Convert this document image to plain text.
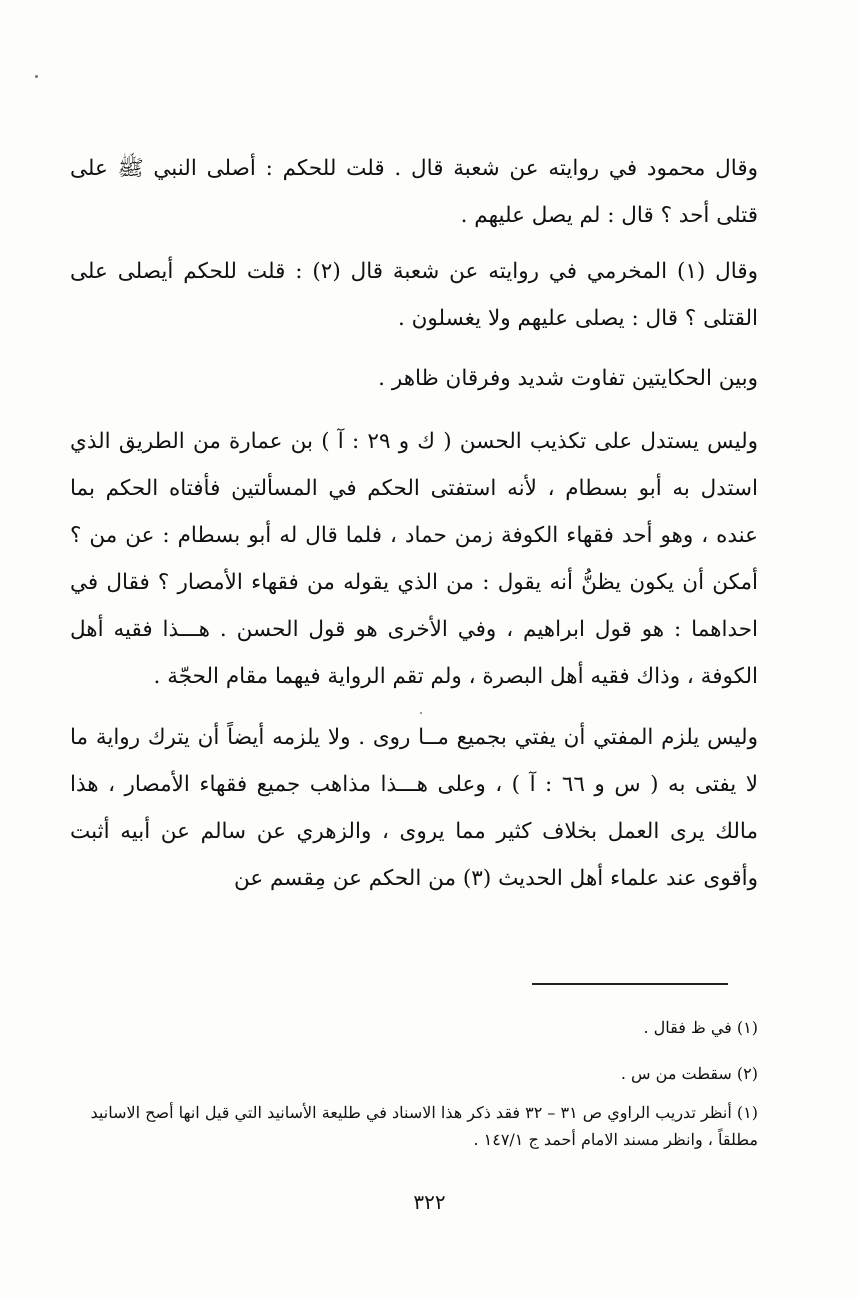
وقال محمود في روايته عن شعبة قال . قلت للحكم : أصلى النبي ﷺ على قتلى أحد ؟ قال : لم يصل عليهم .

وقال (١) المخرمي في روايته عن شعبة قال (٢) : قلت للحكم أيصلى على القتلى ؟ قال : يصلى عليهم ولا يغسلون .

وبين الحكايتين تفاوت شديد وفرقان ظاهر .

وليس يستدل على تكذيب الحسن ( ك و ٢٩ : آ ) بن عمارة من الطريق الذي استدل به أبو بسطام ، لأنه استفتى الحكم في المسألتين فأفتاه الحكم بما عنده ، وهو أحد فقهاء الكوفة زمن حماد ، فلما قال له أبو بسطام : عن من ؟ أمكن أن يكون يظنُّ أنه يقول : من الذي يقوله من فقهاء الأمصار ؟ فقال في احداهما : هو قول ابراهيم ، وفي الأخرى هو قول الحسن . هـــذا فقيه أهل الكوفة ، وذاك فقيه أهل البصرة ، ولم تقم الرواية فيهما مقام الحجّة .

وليس يلزم المفتي أن يفتي بجميع مــا روى . ولا يلزمه أيضاً أن يترك رواية ما لا يفتى به ( س و ٦٦ : آ ) ، وعلى هـــذا مذاهب جميع فقهاء الأمصار ، هذا مالك يرى العمل بخلاف كثير مما يروى ، والزهري عن سالم عن أبيه أثبت وأقوى عند علماء أهل الحديث (٣) من الحكم عن مِقسم عن

(١) في ظ فقال .

(٢) سقطت من س .

(١) أنظر تدريب الراوي ص ٣١ – ٣٢ فقد ذكر هذا الاسناد في طليعة الأسانيد التي قيل انها أصح الاسانيد مطلقاً ، وانظر مسند الامام أحمد ج ١٤٧/١ .

٣٢٢
